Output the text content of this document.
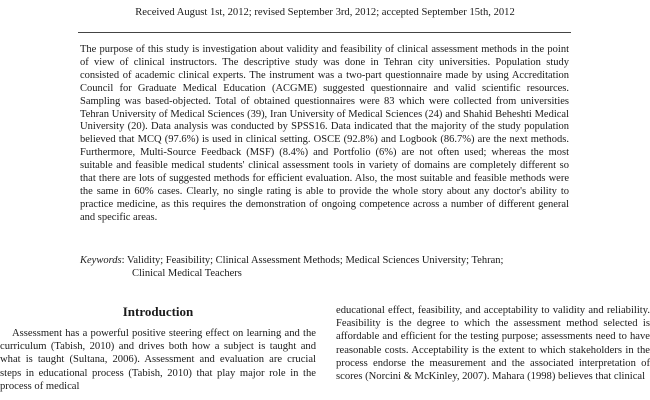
Received August 1st, 2012; revised September 3rd, 2012; accepted September 15th, 2012

The purpose of this study is investigation about validity and feasibility of clinical assessment methods in the point of view of clinical instructors. The descriptive study was done in Tehran city universities. Population study consisted of academic clinical experts. The instrument was a two-part questionnaire made by using Accreditation Council for Graduate Medical Education (ACGME) suggested questionnaire and valid scientific resources. Sampling was based-objected. Total of obtained questionnaires were 83 which were collected from universities Tehran University of Medical Sciences (39), Iran University of Medical Sciences (24) and Shahid Beheshti Medical University (20). Data analysis was conducted by SPSS16. Data indicated that the majority of the study population believed that MCQ (97.6%) is used in clinical setting. OSCE (92.8%) and Logbook (86.7%) are the next methods. Furthermore, Multi-Source Feedback (MSF) (8.4%) and Portfolio (6%) are not often used; whereas the most suitable and feasible medical students' clinical assessment tools in variety of domains are completely different so that there are lots of suggested methods for efficient evaluation. Also, the most suitable and feasible methods were the same in 60% cases. Clearly, no single rating is able to provide the whole story about any doctor's ability to practice medicine, as this requires the demonstration of ongoing competence across a number of different general and specific areas.

Keywords: Validity; Feasibility; Clinical Assessment Methods; Medical Sciences University; Tehran;
Clinical Medical Teachers
Introduction

Assessment has a powerful positive steering effect on learning and the curriculum (Tabish, 2010) and drives both how a subject is taught and what is taught (Sultana, 2006). Assessment and evaluation are crucial steps in educational process (Tabish, 2010) that play major role in the process of medical

educational effect, feasibility, and acceptability to validity and reliability. Feasibility is the degree to which the assessment method selected is affordable and efficient for the testing purpose; assessments need to have reasonable costs. Acceptability is the extent to which stakeholders in the process endorse the measurement and the associated interpretation of scores (Norcini & McKinley, 2007). Mahara (1998) believes that clinical
